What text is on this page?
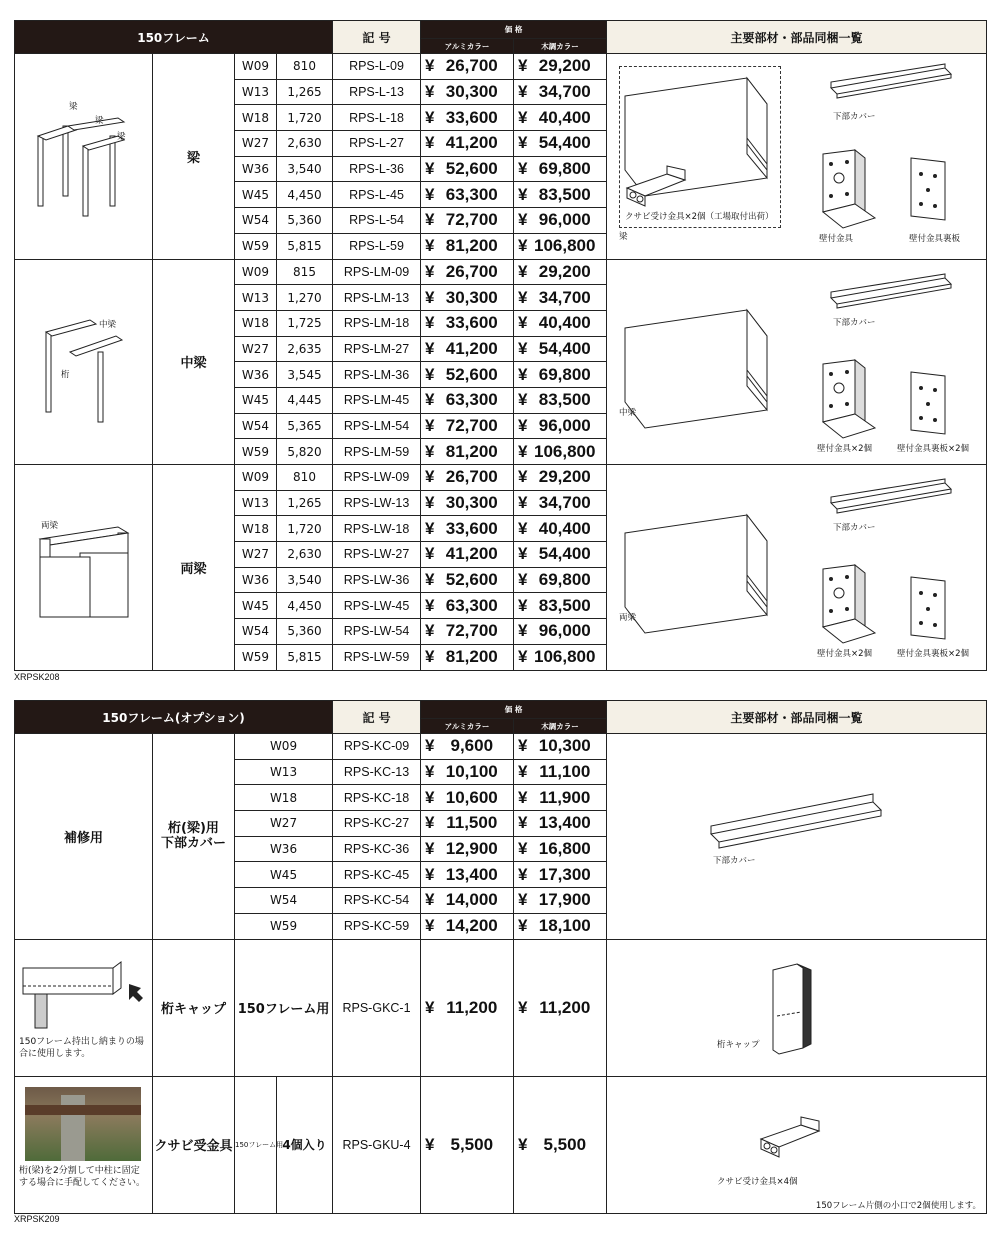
150フレーム				記 号	価 格		主要部材・部品同梱一覧
					アルミカラー	木調カラー	

梁
梁
梁	梁	W09	810	RPS-L-09	¥ 26,700	¥ 29,200	クサビ受け金具×2個（工場取付出荷）
梁
下部カバー
壁付金具 壁付金具裏板

		W13	1,265	RPS-L-13	¥ 30,300	¥ 34,700	
		W18	1,720	RPS-L-18	¥ 33,600	¥ 40,400	
		W27	2,630	RPS-L-27	¥ 41,200	¥ 54,400	
		W36	3,540	RPS-L-36	¥ 52,600	¥ 69,800	
		W45	4,450	RPS-L-45	¥ 63,300	¥ 83,500	
		W54	5,360	RPS-L-54	¥ 72,700	¥ 96,000	
		W59	5,815	RPS-L-59	¥ 81,200	¥ 106,800	

中梁
桁	中梁	W09	815	RPS-LM-09	¥ 26,700	¥ 29,200	中梁
下部カバー
壁付金具×2個 壁付金具裏板×2個

		W13	1,270	RPS-LM-13	¥ 30,300	¥ 34,700	
		W18	1,725	RPS-LM-18	¥ 33,600	¥ 40,400	
		W27	2,635	RPS-LM-27	¥ 41,200	¥ 54,400	
		W36	3,545	RPS-LM-36	¥ 52,600	¥ 69,800	
		W45	4,445	RPS-LM-45	¥ 63,300	¥ 83,500	
		W54	5,365	RPS-LM-54	¥ 72,700	¥ 96,000	
		W59	5,820	RPS-LM-59	¥ 81,200	¥ 106,800	

両梁	両梁	W09	810	RPS-LW-09	¥ 26,700	¥ 29,200	両梁
下部カバー
壁付金具×2個 壁付金具裏板×2個

		W13	1,265	RPS-LW-13	¥ 30,300	¥ 34,700	
		W18	1,720	RPS-LW-18	¥ 33,600	¥ 40,400	
		W27	2,630	RPS-LW-27	¥ 41,200	¥ 54,400	
		W36	3,540	RPS-LW-36	¥ 52,600	¥ 69,800	
		W45	4,450	RPS-LW-45	¥ 63,300	¥ 83,500	
		W54	5,360	RPS-LW-54	¥ 72,700	¥ 96,000	
		W59	5,815	RPS-LW-59	¥ 81,200	¥ 106,800	
XRPSK208
150フレーム(オプション)				記 号	価 格		主要部材・部品同梱一覧
					アルミカラー	木調カラー	
補修用	桁(梁)用
下部カバー	W09		RPS-KC-09	¥ 9,600	¥ 10,300	下部カバー

		W13		RPS-KC-13	¥ 10,100	¥ 11,100	
		W18		RPS-KC-18	¥ 10,600	¥ 11,900	
		W27		RPS-KC-27	¥ 11,500	¥ 13,400	
		W36		RPS-KC-36	¥ 12,900	¥ 16,800	
		W45		RPS-KC-45	¥ 13,400	¥ 17,300	
		W54		RPS-KC-54	¥ 14,000	¥ 17,900	
		W59		RPS-KC-59	¥ 14,200	¥ 18,100	

150フレーム持出し納まりの場合に使用します。	桁キャップ	150フレーム用		RPS-GKC-1	¥ 11,200	¥ 11,200	桁キャップ

桁(梁)を2分割して中柱に固定する場合に手配してください。	クサビ受金具	150フレーム用	4個入り	RPS-GKU-4	¥ 5,500	¥ 5,500	クサビ受け金具×4個
150フレーム片側の小口で2個使用します。
XRPSK209
